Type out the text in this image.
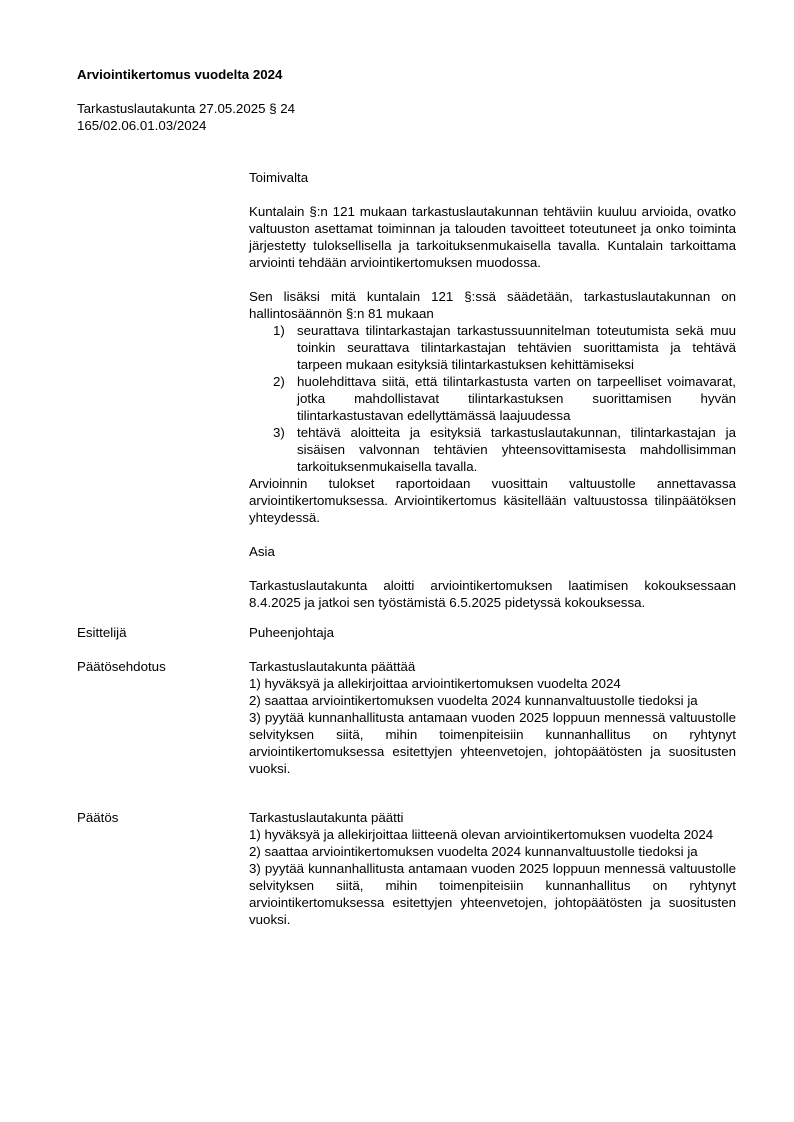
Arviointikertomus vuodelta 2024
Tarkastuslautakunta 27.05.2025 § 24
165/02.06.01.03/2024

Toimivalta

Kuntalain §:n 121 mukaan tarkastuslautakunnan tehtäviin kuuluu arvioida, ovatko valtuuston asettamat toiminnan ja talouden tavoitteet toteutuneet ja onko toiminta järjestetty tuloksellisella ja tarkoituksenmukaisella tavalla. Kuntalain tarkoittama arviointi tehdään arviointikertomuksen muodossa.

Sen lisäksi mitä kuntalain 121 §:ssä säädetään, tarkastuslautakunnan on hallintosäännön §:n 81 mukaan

1) seurattava tilintarkastajan tarkastussuunnitelman toteutumista sekä muu toinkin seurattava tilintarkastajan tehtävien suorittamista ja tehtävä tarpeen mukaan esityksiä tilintarkastuksen kehittämiseksi
2) huolehdittava siitä, että tilintarkastusta varten on tarpeelliset voimavarat, jotka mahdollistavat tilintarkastuksen suorittamisen hyvän tilintarkastustavan edellyttämässä laajuudessa
3) tehtävä aloitteita ja esityksiä tarkastuslautakunnan, tilintarkastajan ja sisäisen valvonnan tehtävien yhteensovittamisesta mahdollisimman tarkoituksenmukaisella tavalla.

Arvioinnin tulokset raportoidaan vuosittain valtuustolle annettavassa arviointikertomuksessa. Arviointikertomus käsitellään valtuustossa tilinpäätöksen yhteydessä.

Asia

Tarkastuslautakunta aloitti arviointikertomuksen laatimisen kokouksessaan 8.4.2025 ja jatkoi sen työstämistä 6.5.2025 pidetyssä kokouksessa.

Esittelijä	Puheenjohtaja
Päätösehdotus	Tarkastuslautakunta päättää

1) hyväksyä ja allekirjoittaa arviointikertomuksen vuodelta 2024

2) saattaa arviointikertomuksen vuodelta 2024 kunnanvaltuustolle tiedoksi ja

3) pyytää kunnanhallitusta antamaan vuoden 2025 loppuun mennessä valtuustolle selvityksen siitä, mihin toimenpiteisiin kunnanhallitus on ryhtynyt arviointikertomuksessa esitettyjen yhteenvetojen, johtopäätösten ja suositusten vuoksi.

Päätös	Tarkastuslautakunta päätti

1) hyväksyä ja allekirjoittaa liitteenä olevan arviointikertomuksen vuodelta 2024

2) saattaa arviointikertomuksen vuodelta 2024 kunnanvaltuustolle tiedoksi ja

3) pyytää kunnanhallitusta antamaan vuoden 2025 loppuun mennessä valtuustolle selvityksen siitä, mihin toimenpiteisiin kunnanhallitus on ryhtynyt arviointikertomuksessa esitettyjen yhteenvetojen, johtopäätösten ja suositusten vuoksi.
